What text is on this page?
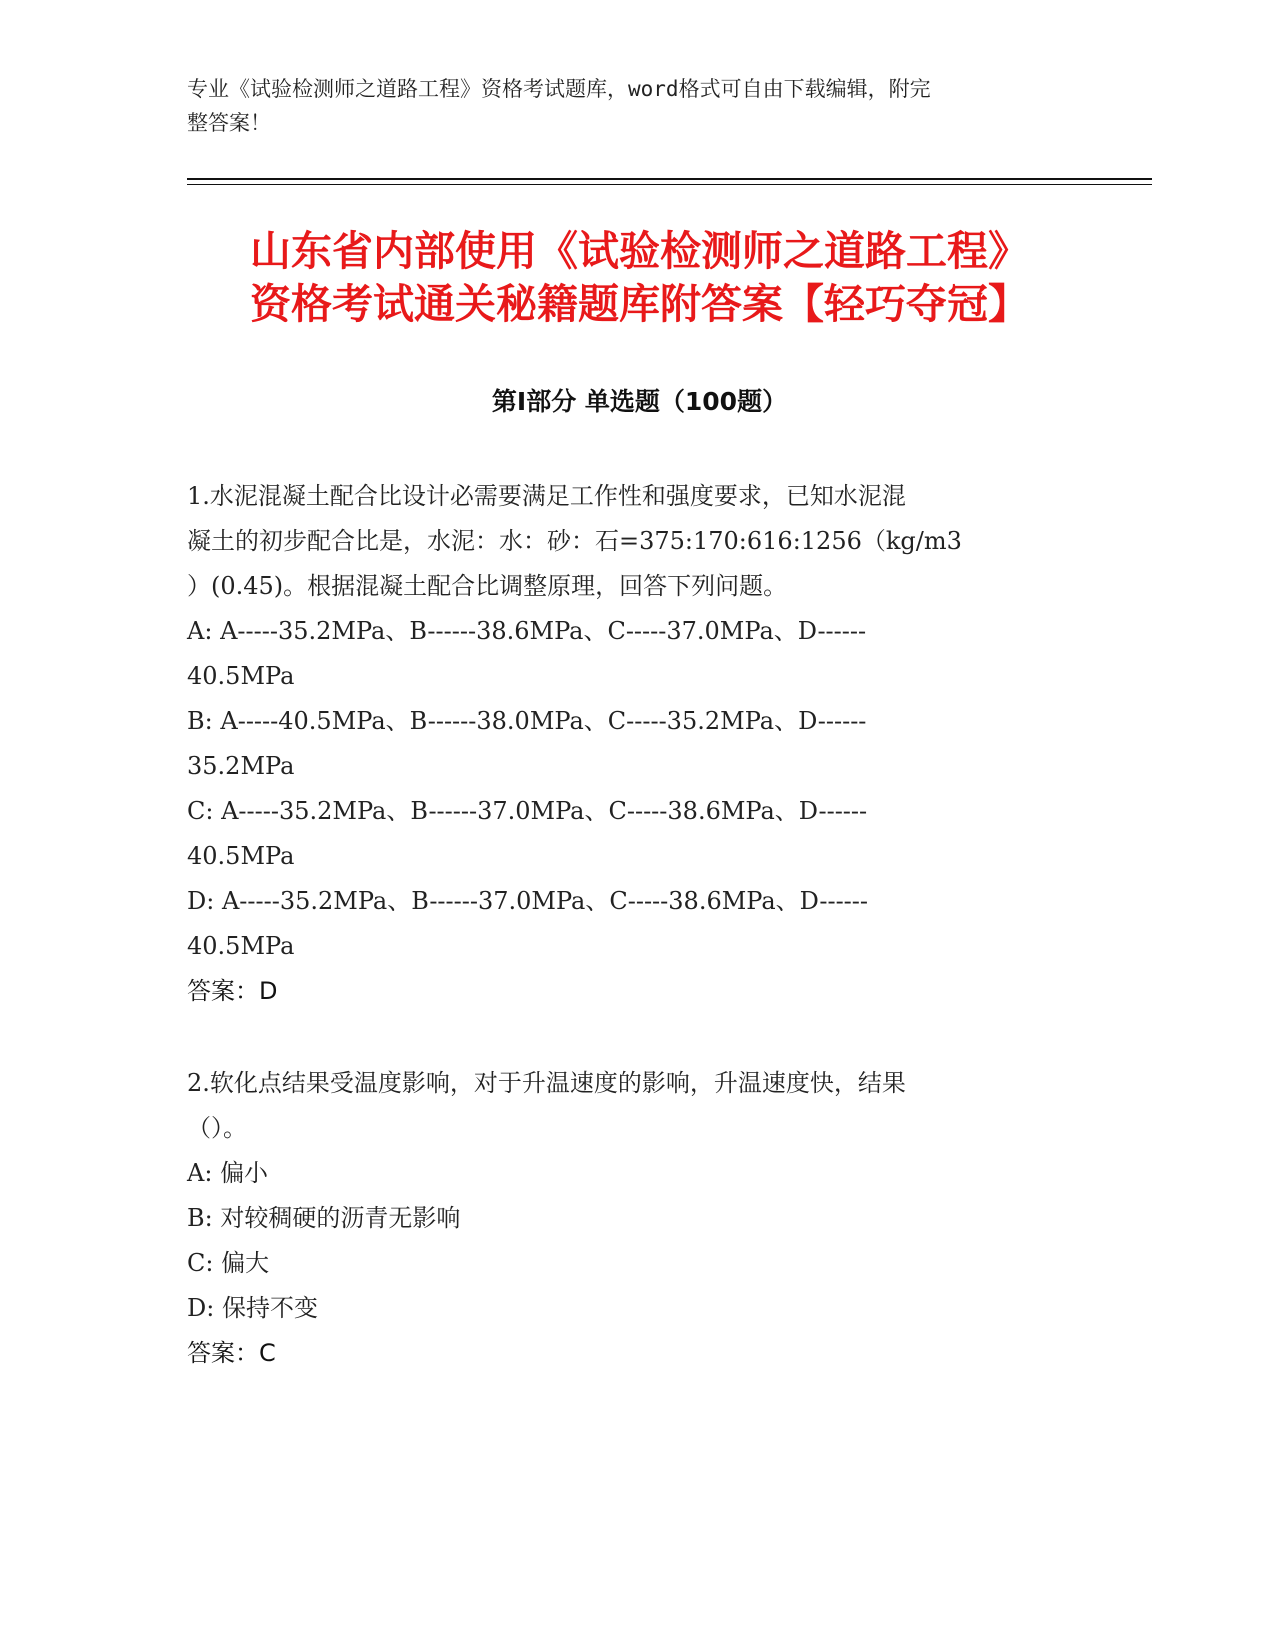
专业《试验检测师之道路工程》资格考试题库，word格式可自由下载编辑，附完
整答案！
山东省内部使用《试验检测师之道路工程》
资格考试通关秘籍题库附答案【轻巧夺冠】
第Ⅰ部分 单选题（100题）

1.水泥混凝土配合比设计必需要满足工作性和强度要求，已知水泥混

凝土的初步配合比是，水泥：水：砂：石=375:170:616:1256（kg/m3

）(0.45)。根据混凝土配合比调整原理，回答下列问题。

A: A-----35.2MPa、B------38.6MPa、C-----37.0MPa、D------

40.5MPa

B: A-----40.5MPa、B------38.0MPa、C-----35.2MPa、D------

35.2MPa

C: A-----35.2MPa、B------37.0MPa、C-----38.6MPa、D------

40.5MPa

D: A-----35.2MPa、B------37.0MPa、C-----38.6MPa、D------

40.5MPa

答案：D

2.软化点结果受温度影响，对于升温速度的影响，升温速度快，结果

（）。

A: 偏小

B: 对较稠硬的沥青无影响

C: 偏大

D: 保持不变

答案：C
